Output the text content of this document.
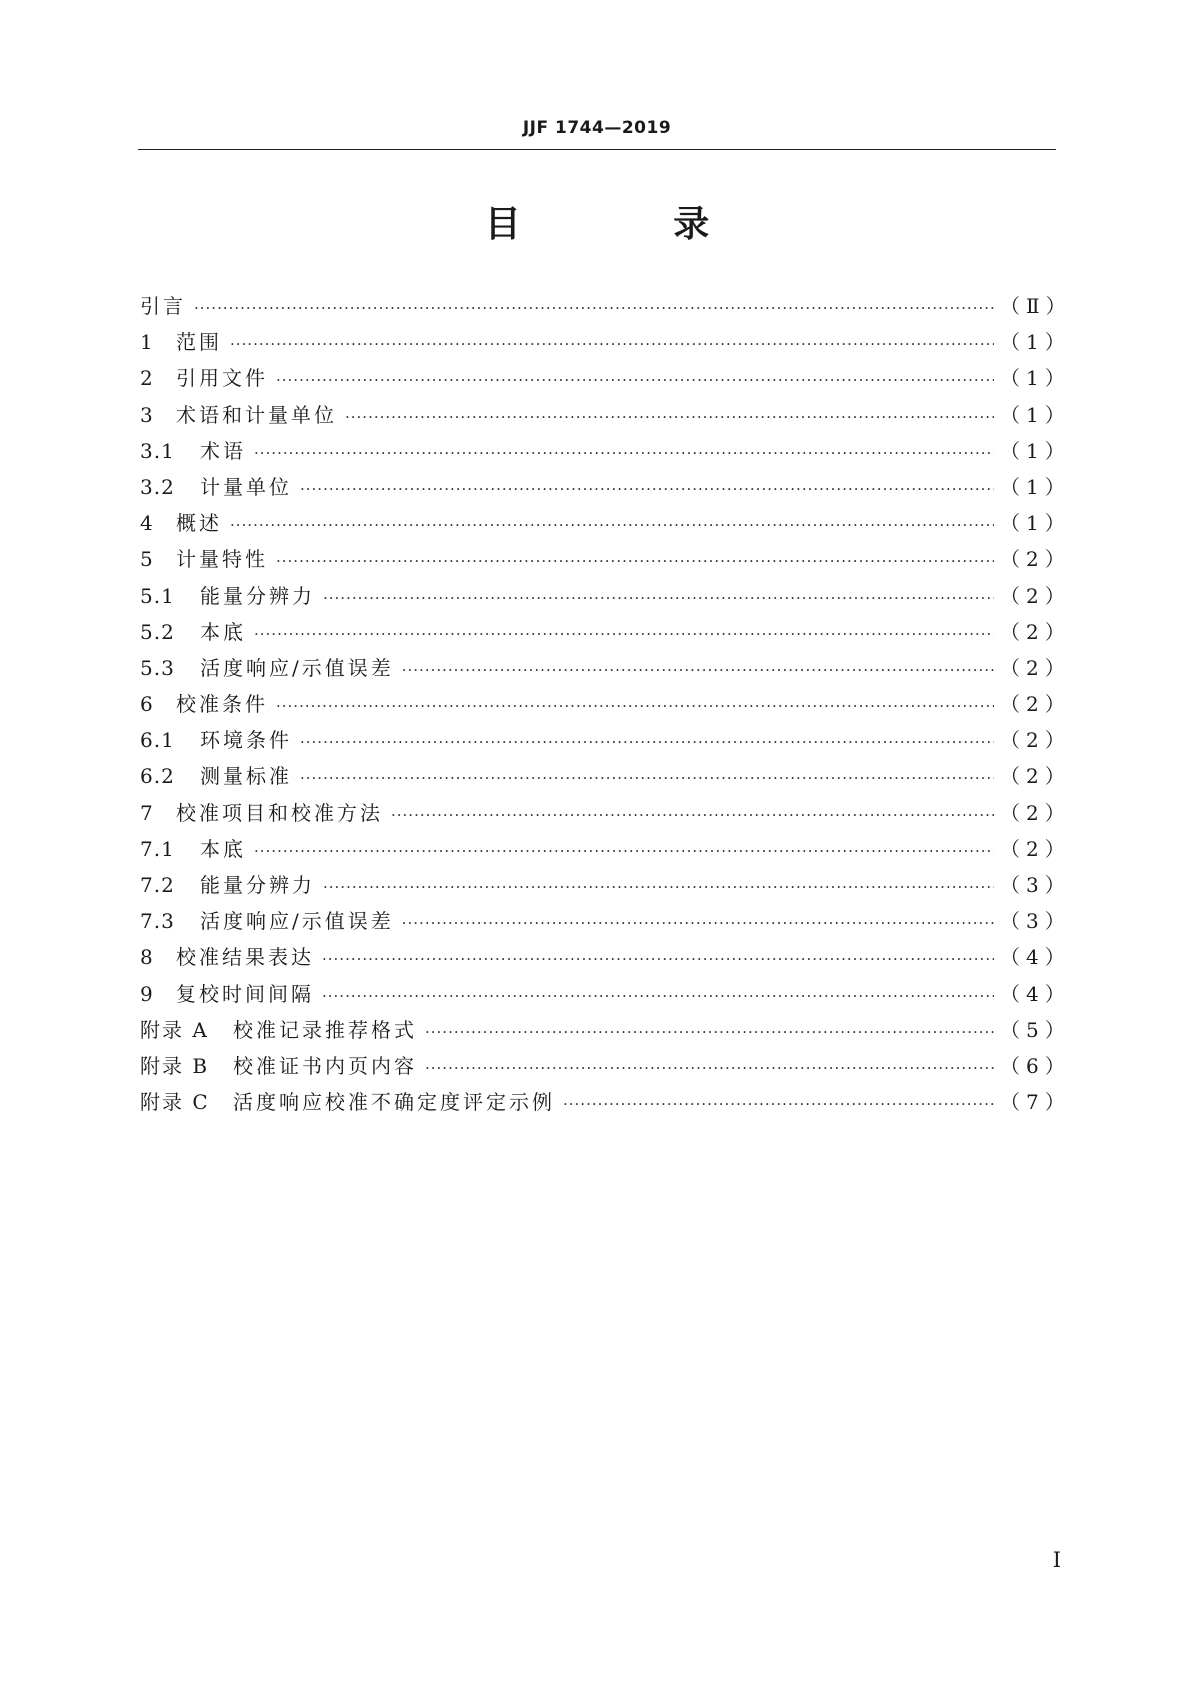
JJF 1744—2019
目 录
引言 ·····	（Ⅱ）
1	范围 ·····	（1）
2	引用文件 ·····	（1）
3	术语和计量单位 ·····	（1）
3.1	术语 ·····	（1）
3.2	计量单位 ·····	（1）
4	概述 ·····	（1）
5	计量特性 ·····	（2）
5.1	能量分辨力 ·····	（2）
5.2	本底 ·····	（2）
5.3	活度响应/示值误差 ·····	（2）
6	校准条件 ·····	（2）
6.1	环境条件 ·····	（2）
6.2	测量标准 ·····	（2）
7	校准项目和校准方法 ·····	（2）
7.1	本底 ·····	（2）
7.2	能量分辨力 ·····	（3）
7.3	活度响应/示值误差 ·····	（3）
8	校准结果表达 ·····	（4）
9	复校时间间隔 ·····	（4）
附录 A	校准记录推荐格式 ·····	（5）
附录 B	校准证书内页内容 ·····	（6）
附录 C	活度响应校准不确定度评定示例 ·····	（7）
Ⅰ
